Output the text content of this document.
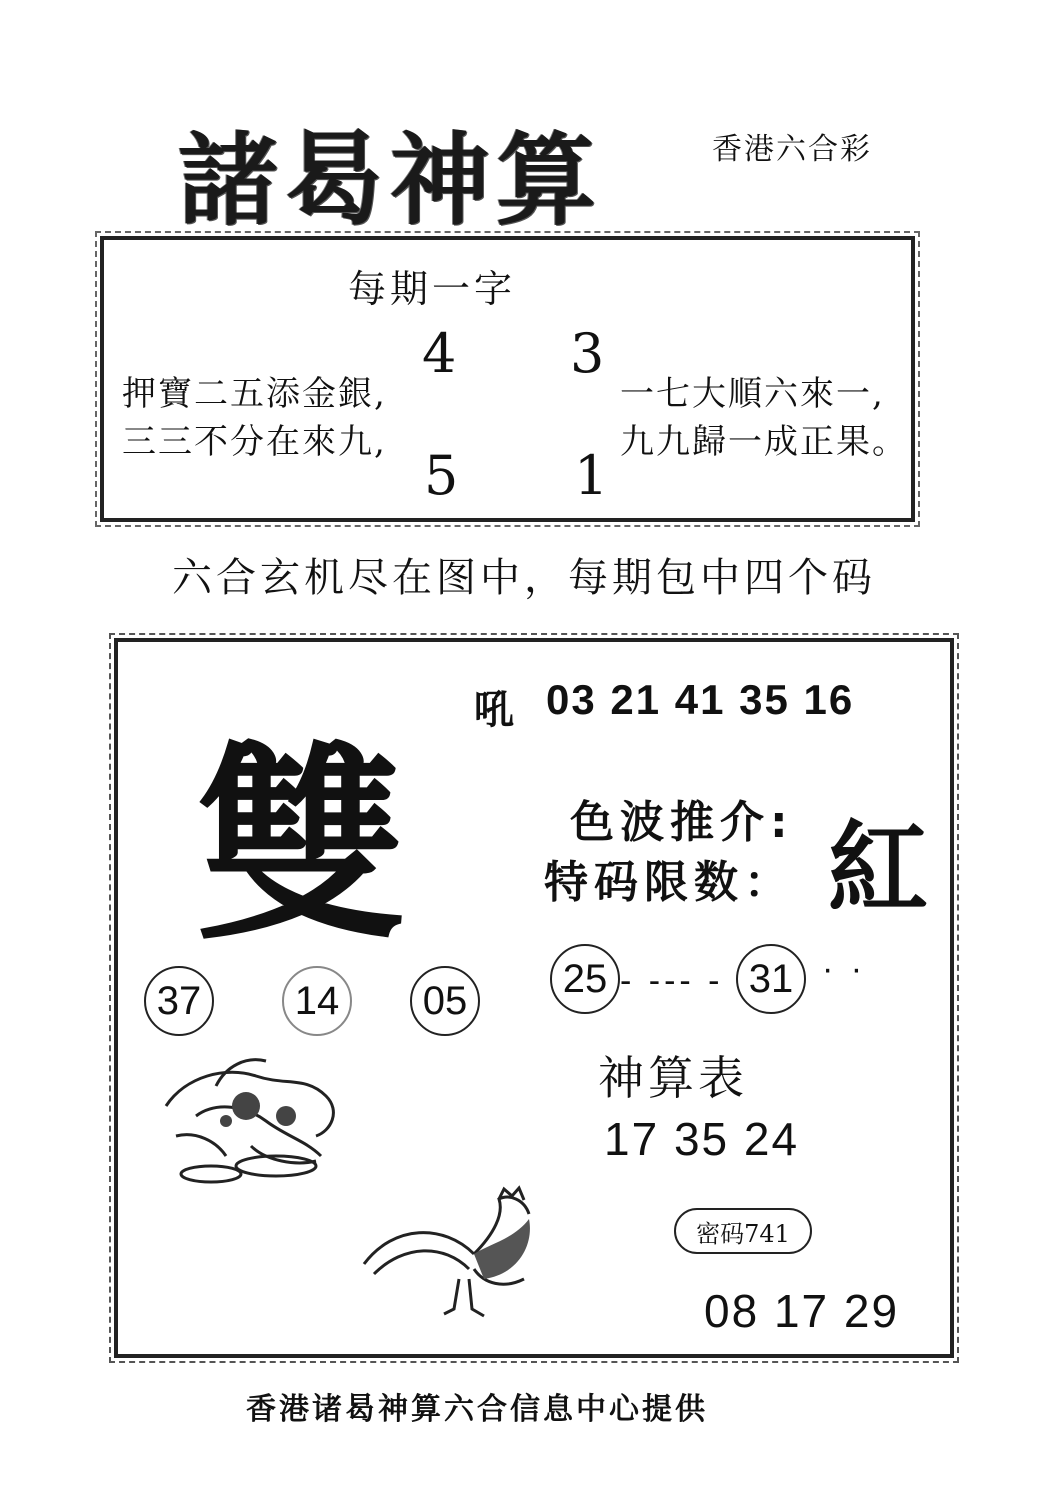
諸曷神算	香港六合彩
每期一字
4 3
押寶二五添金銀,
三三不分在來九,
一七大順六來一,
九九歸一成正果。
5 1
六合玄机尽在图中，每期包中四个码
雙
吼 03 21 41 35 16
色波推介:
特码限数： 紅
37	14	05	25 - --- - 31 · ·
神算表
17 35 24
密码741
08 17 29
香港诸曷神算六合信息中心提供
